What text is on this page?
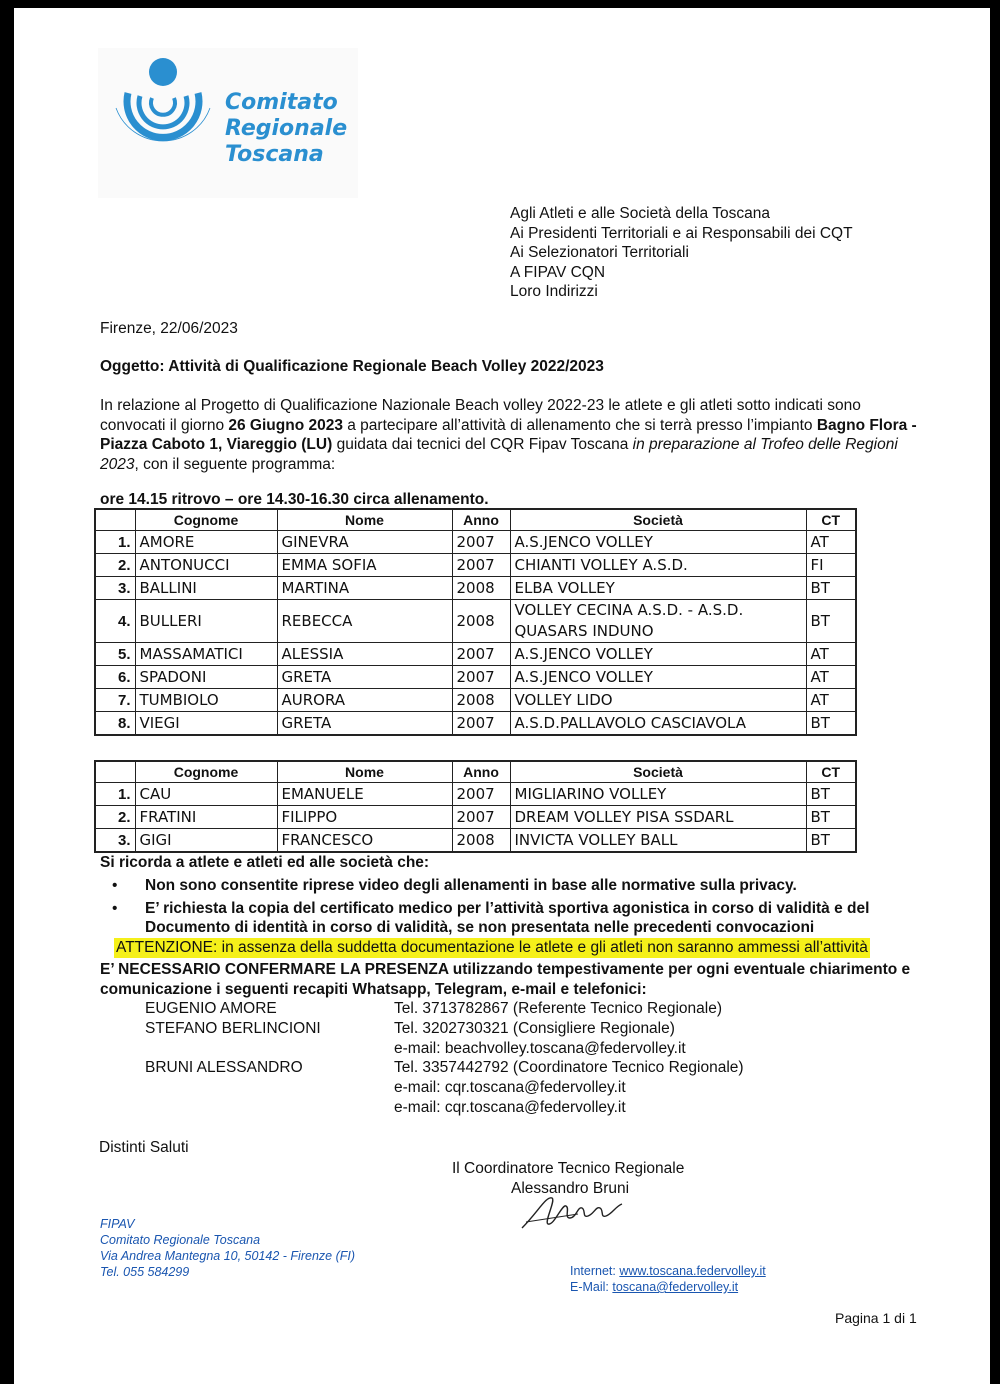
Comitato
Regionale
Toscana
Agli Atleti e alle Società della Toscana
Ai Presidenti Territoriali e ai Responsabili dei CQT
Ai Selezionatori Territoriali
A FIPAV CQN
Loro Indirizzi
Firenze, 22/06/2023
Oggetto: Attività di Qualificazione Regionale Beach Volley 2022/2023
In relazione al Progetto di Qualificazione Nazionale Beach volley 2022-23 le atlete e gli atleti sotto indicati sono convocati il giorno 26 Giugno 2023 a partecipare all’attività di allenamento che si terrà presso l’impianto Bagno Flora - Piazza Caboto 1, Viareggio (LU) guidata dai tecnici del CQR Fipav Toscana in preparazione al Trofeo delle Regioni 2023, con il seguente programma:
ore 14.15 ritrovo – ore 14.30-16.30 circa allenamento.
	Cognome	Nome	Anno	Società	CT
1.	AMORE	GINEVRA	2007	A.S.JENCO VOLLEY	AT
2.	ANTONUCCI	EMMA SOFIA	2007	CHIANTI VOLLEY A.S.D.	FI
3.	BALLINI	MARTINA	2008	ELBA VOLLEY	BT
4.	BULLERI	REBECCA	2008	VOLLEY CECINA A.S.D. - A.S.D. QUASARS INDUNO	BT
5.	MASSAMATICI	ALESSIA	2007	A.S.JENCO VOLLEY	AT
6.	SPADONI	GRETA	2007	A.S.JENCO VOLLEY	AT
7.	TUMBIOLO	AURORA	2008	VOLLEY LIDO	AT
8.	VIEGI	GRETA	2007	A.S.D.PALLAVOLO CASCIAVOLA	BT
	Cognome	Nome	Anno	Società	CT
1.	CAU	EMANUELE	2007	MIGLIARINO VOLLEY	BT
2.	FRATINI	FILIPPO	2007	DREAM VOLLEY PISA SSDARL	BT
3.	GIGI	FRANCESCO	2008	INVICTA VOLLEY BALL	BT
Si ricorda a atlete e atleti ed alle società che:
• Non sono consentite riprese video degli allenamenti in base alle normative sulla privacy.
• E’ richiesta la copia del certificato medico per l’attività sportiva agonistica in corso di validità e del Documento di identità in corso di validità, se non presentata nelle precedenti convocazioni
ATTENZIONE: in assenza della suddetta documentazione le atlete e gli atleti non saranno ammessi all’attività
E’ NECESSARIO CONFERMARE LA PRESENZA utilizzando tempestivamente per ogni eventuale chiarimento e comunicazione i seguenti recapiti Whatsapp, Telegram, e-mail e telefonici:
EUGENIO AMORE	Tel. 3713782867 (Referente Tecnico Regionale)
STEFANO BERLINCIONI	Tel. 3202730321 (Consigliere Regionale)
e-mail: beachvolley.toscana@federvolley.it
BRUNI ALESSANDRO	Tel. 3357442792 (Coordinatore Tecnico Regionale)
e-mail: cqr.toscana@federvolley.it
e-mail: cqr.toscana@federvolley.it
Distinti Saluti
Il Coordinatore Tecnico Regionale
Alessandro Bruni
FIPAV
Comitato Regionale Toscana
Via Andrea Mantegna 10, 50142 - Firenze (FI)
Tel. 055 584299	Internet: www.toscana.federvolley.it
E-Mail: toscana@federvolley.it
Pagina 1 di 1
